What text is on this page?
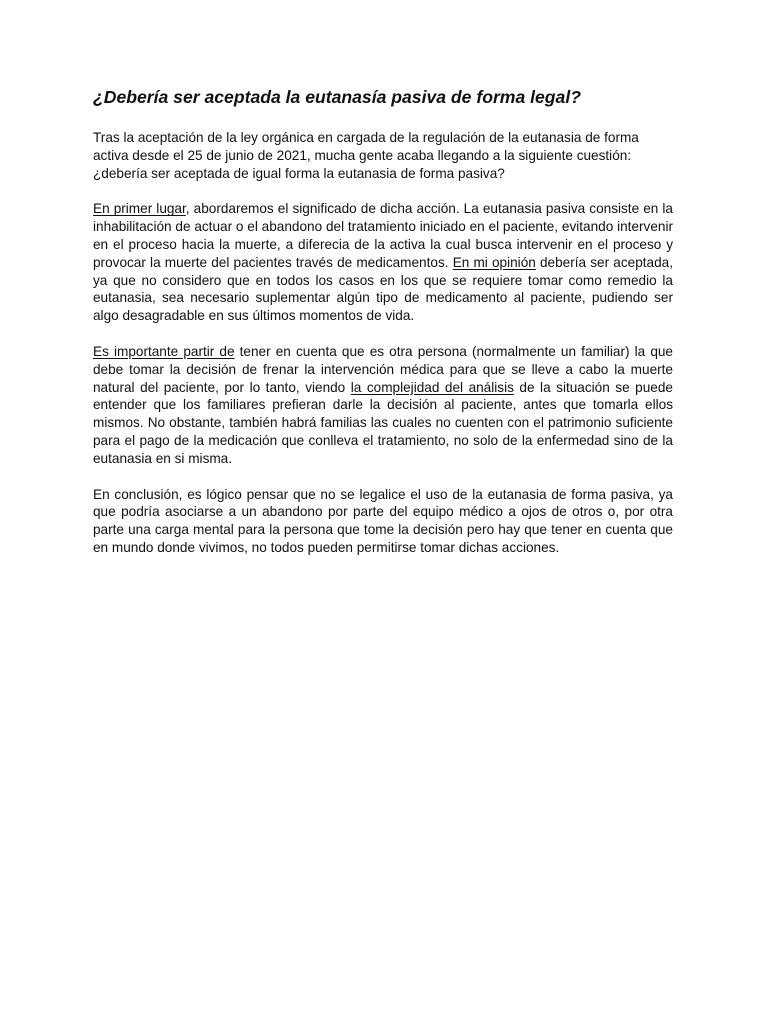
¿Debería ser aceptada la eutanasía pasiva de forma legal?

Tras la aceptación de la ley orgánica en cargada de la regulación de la eutanasia de forma activa desde el 25 de junio de 2021, mucha gente acaba llegando a la siguiente cuestión: ¿debería ser aceptada de igual forma la eutanasia de forma pasiva?

En primer lugar, abordaremos el significado de dicha acción. La eutanasia pasiva consiste en la inhabilitación de actuar o el abandono del tratamiento iniciado en el paciente, evitando intervenir en el proceso hacia la muerte, a diferecia de la activa la cual busca intervenir en el proceso y provocar la muerte del pacientes través de medicamentos. En mi opinión debería ser aceptada, ya que no considero que en todos los casos en los que se requiere tomar como remedio la eutanasia, sea necesario suplementar algún tipo de medicamento al paciente, pudiendo ser algo desagradable en sus últimos momentos de vida.

Es importante partir de tener en cuenta que es otra persona (normalmente un familiar) la que debe tomar la decisión de frenar la intervención médica para que se lleve a cabo la muerte natural del paciente, por lo tanto, viendo la complejidad del análisis de la situación se puede entender que los familiares prefieran darle la decisión al paciente, antes que tomarla ellos mismos. No obstante, también habrá familias las cuales no cuenten con el patrimonio suficiente para el pago de la medicación que conlleva el tratamiento, no solo de la enfermedad sino de la eutanasia en si misma.

En conclusión, es lógico pensar que no se legalice el uso de la eutanasia de forma pasiva, ya que podría asociarse a un abandono por parte del equipo médico a ojos de otros o, por otra parte una carga mental para la persona que tome la decisión pero hay que tener en cuenta que en mundo donde vivimos, no todos pueden permitirse tomar dichas acciones.
